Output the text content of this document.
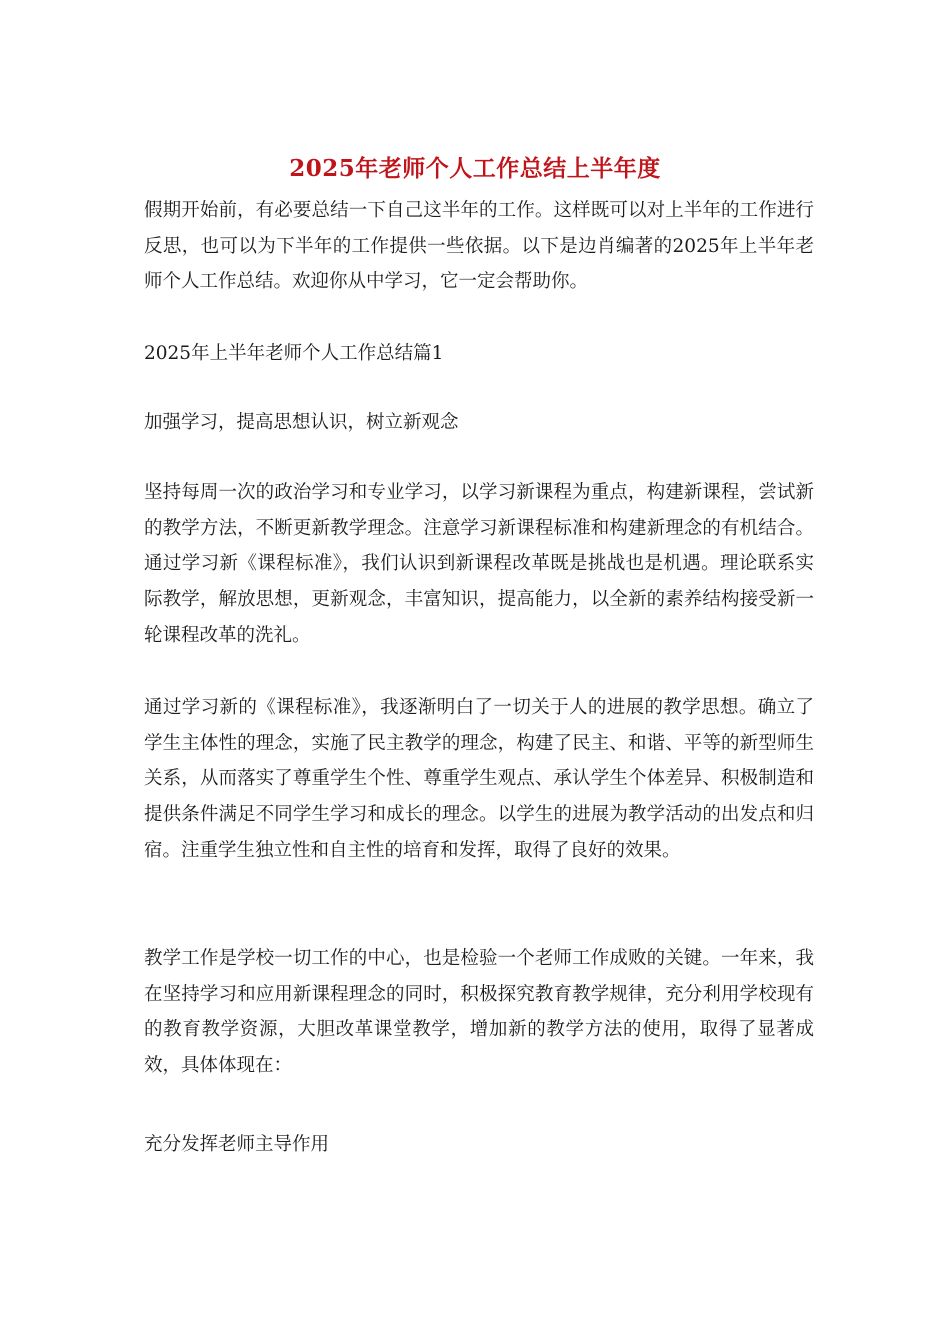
2025年老师个人工作总结上半年度

假期开始前，有必要总结一下自己这半年的工作。这样既可以对上半年的工作进行反思，也可以为下半年的工作提供一些依据。以下是边肖编著的2025年上半年老师个人工作总结。欢迎你从中学习，它一定会帮助你。

2025年上半年老师个人工作总结篇1

加强学习，提高思想认识，树立新观念

坚持每周一次的政治学习和专业学习，以学习新课程为重点，构建新课程，尝试新的教学方法，不断更新教学理念。注意学习新课程标准和构建新理念的有机结合。通过学习新《课程标准》，我们认识到新课程改革既是挑战也是机遇。理论联系实际教学，解放思想，更新观念，丰富知识，提高能力，以全新的素养结构接受新一轮课程改革的洗礼。

通过学习新的《课程标准》，我逐渐明白了一切关于人的进展的教学思想。确立了学生主体性的理念，实施了民主教学的理念，构建了民主、和谐、平等的新型师生关系，从而落实了尊重学生个性、尊重学生观点、承认学生个体差异、积极制造和提供条件满足不同学生学习和成长的理念。以学生的进展为教学活动的出发点和归宿。注重学生独立性和自主性的培育和发挥，取得了良好的效果。

教学工作是学校一切工作的中心，也是检验一个老师工作成败的关键。一年来，我在坚持学习和应用新课程理念的同时，积极探究教育教学规律，充分利用学校现有的教育教学资源，大胆改革课堂教学，增加新的教学方法的使用，取得了显著成效，具体体现在：

充分发挥老师主导作用
